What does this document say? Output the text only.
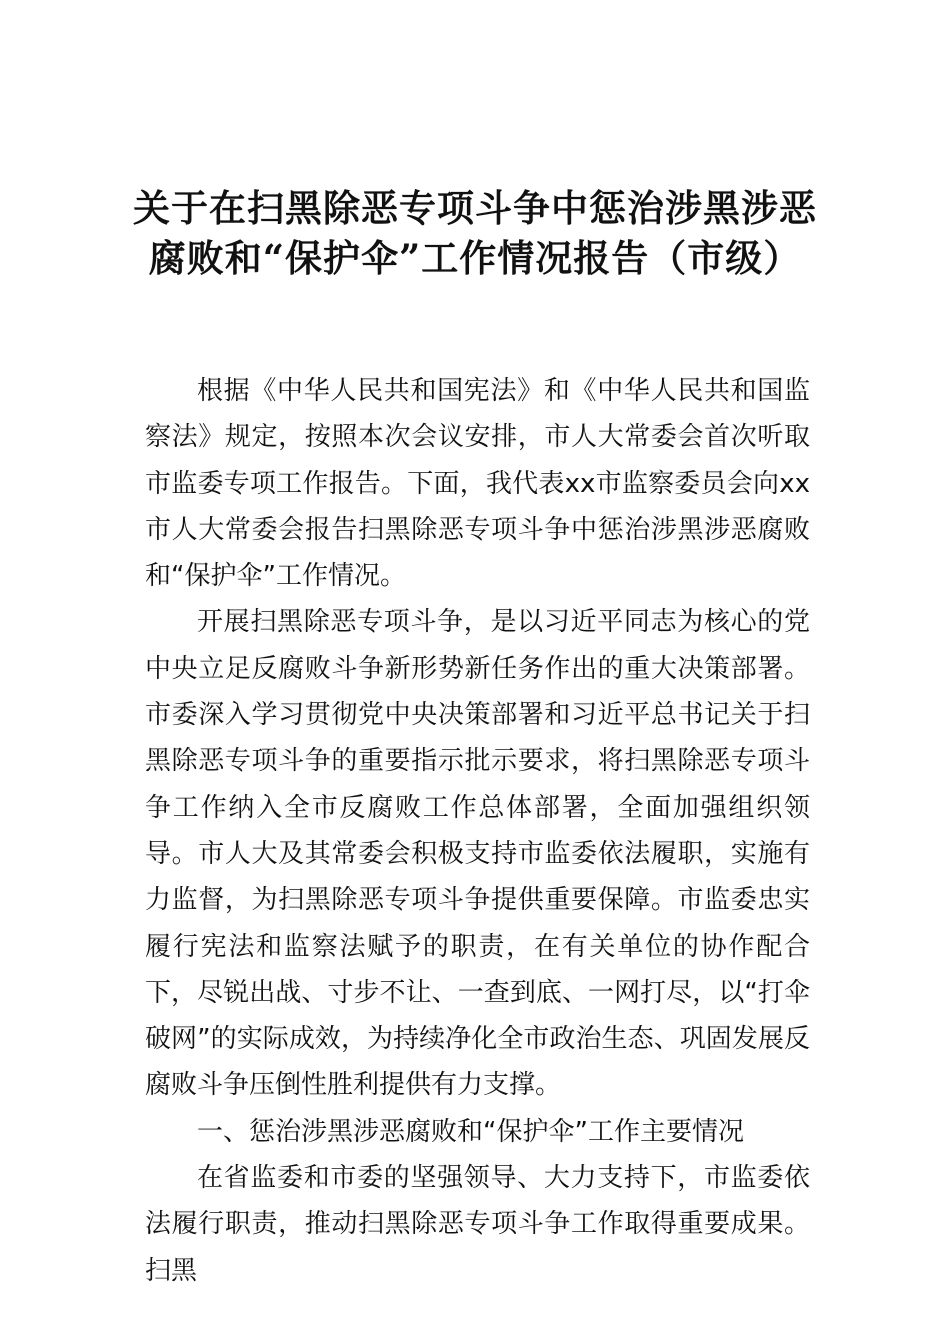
关于在扫黑除恶专项斗争中惩治涉黑涉恶
腐败和“保护伞”工作情况报告（市级）

根据《中华人民共和国宪法》和《中华人民共和国监察法》规定，按照本次会议安排，市人大常委会首次听取市监委专项工作报告。下面，我代表xx市监察委员会向xx市人大常委会报告扫黑除恶专项斗争中惩治涉黑涉恶腐败和“保护伞”工作情况。

开展扫黑除恶专项斗争，是以习近平同志为核心的党中央立足反腐败斗争新形势新任务作出的重大决策部署。市委深入学习贯彻党中央决策部署和习近平总书记关于扫黑除恶专项斗争的重要指示批示要求，将扫黑除恶专项斗争工作纳入全市反腐败工作总体部署，全面加强组织领导。市人大及其常委会积极支持市监委依法履职，实施有力监督，为扫黑除恶专项斗争提供重要保障。市监委忠实履行宪法和监察法赋予的职责，在有关单位的协作配合下，尽锐出战、寸步不让、一查到底、一网打尽，以“打伞破网”的实际成效，为持续净化全市政治生态、巩固发展反腐败斗争压倒性胜利提供有力支撑。

一、惩治涉黑涉恶腐败和“保护伞”工作主要情况

在省监委和市委的坚强领导、大力支持下，市监委依法履行职责，推动扫黑除恶专项斗争工作取得重要成果。扫黑
